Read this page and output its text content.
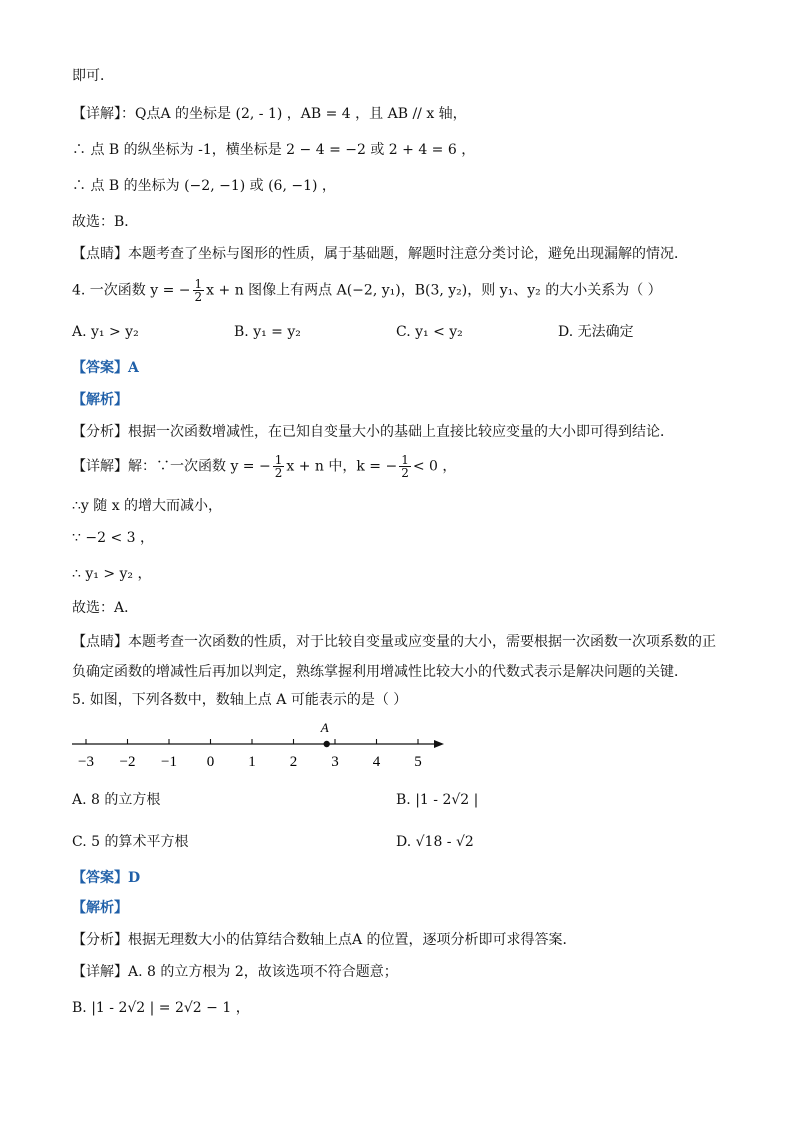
即可．
【详解】：Q点A 的坐标是 (2, - 1) ，AB = 4 ，且 AB // x 轴，
∴ 点 B 的纵坐标为 -1，横坐标是 2 − 4 = −2 或 2 + 4 = 6 ，
∴ 点 B 的坐标为 (−2, −1) 或 (6, −1) ，
故选：B．
【点睛】本题考查了坐标与图形的性质，属于基础题，解题时注意分类讨论，避免出现漏解的情况．
4. 一次函数 y = − $\frac{1}{2}$ x + n 图像上有两点 A(−2, y₁)，B(3, y₂)，则 y₁、y₂ 的大小关系为（ ）
A. y₁ > y₂	B. y₁ = y₂	C. y₁ < y₂	D. 无法确定
【答案】A
【解析】
【分析】根据一次函数增减性，在已知自变量大小的基础上直接比较应变量的大小即可得到结论．
【详解】解：∵一次函数 y = − $\frac{1}{2}$ x + n 中，k = − $\frac{1}{2} < 0$ ，
∴y 随 x 的增大而减小，
∵ −2 < 3 ，
∴ y₁ > y₂ ，
故选：A．
【点睛】本题考查一次函数的性质，对于比较自变量或应变量的大小，需要根据一次函数一次项系数的正
负确定函数的增减性后再加以判定，熟练掌握利用增减性比较大小的代数式表示是解决问题的关键．
5. 如图，下列各数中，数轴上点 A 可能表示的是（ ）
−3 −2 −1 0 1 2 3 4 5
A
A. 8 的立方根	B. |1 - 2√2 |
C. 5 的算术平方根	D. √18 - √2
【答案】D
【解析】
【分析】根据无理数大小的估算结合数轴上点A 的位置，逐项分析即可求得答案．
【详解】A. 8 的立方根为 2，故该选项不符合题意；
B. |1 - 2√2 | = 2√2 − 1 ，
